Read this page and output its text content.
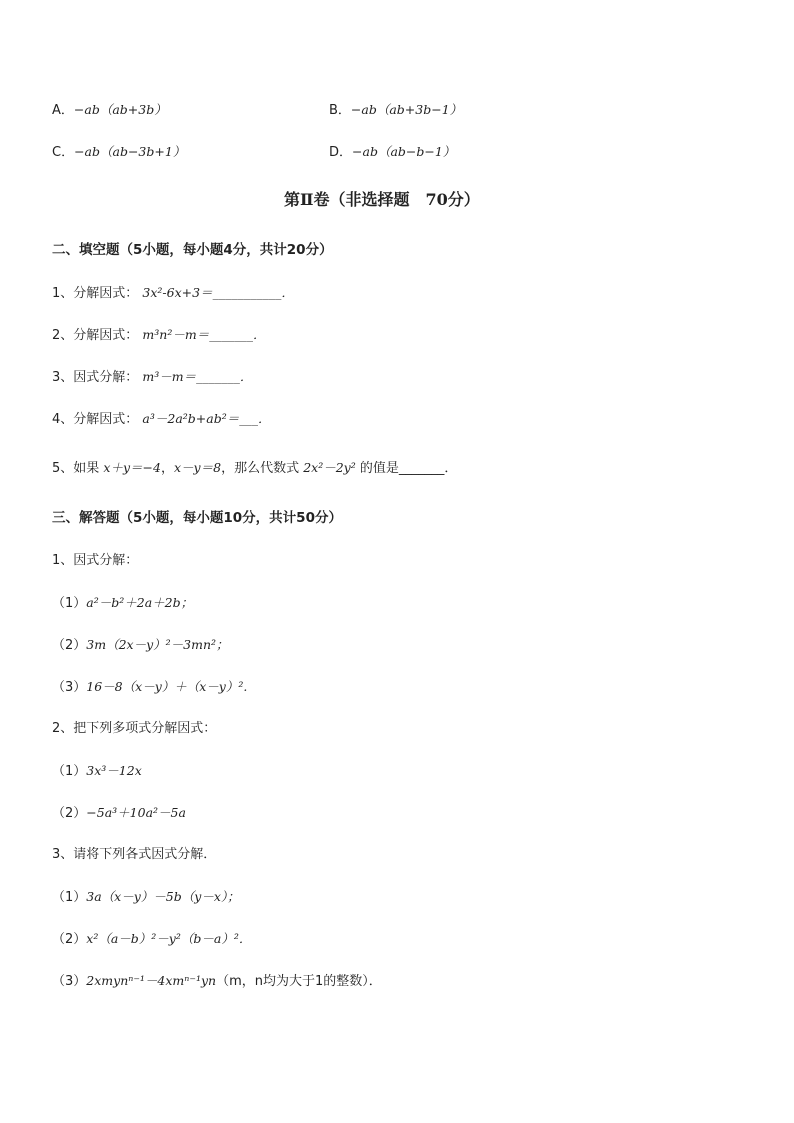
A．−ab（ab+3b）	B．−ab（ab+3b−1）
C．−ab（ab−3b+1）	D．−ab（ab−b−1）
第Ⅱ卷（非选择题　70分）
二、填空题（5小题，每小题4分，共计20分）
1、分解因式： 3x²-6x+3＝___________．
2、分解因式： m³n²－m＝_______．
3、因式分解： m³－m＝_______．
4、分解因式： a³－2a²b+ab²＝___．
5、如果 x＋y＝−4，x－y＝8，那么代数式 2x²－2y² 的值是_______．
三、解答题（5小题，每小题10分，共计50分）
1、因式分解：
（1）a²－b²＋2a＋2b；
（2）3m（2x－y）²－3mn²；
（3）16－8（x－y）＋（x－y）².
2、把下列多项式分解因式：
（1）3x³－12x
（2）−5a³＋10a²－5a
3、请将下列各式因式分解．
（1）3a（x－y）－5b（y－x）；
（2）x²（a－b）²－y²（b－a）²．
（3）2xmynⁿ⁻¹－4xmⁿ⁻¹yn（m，n均为大于1的整数）．
